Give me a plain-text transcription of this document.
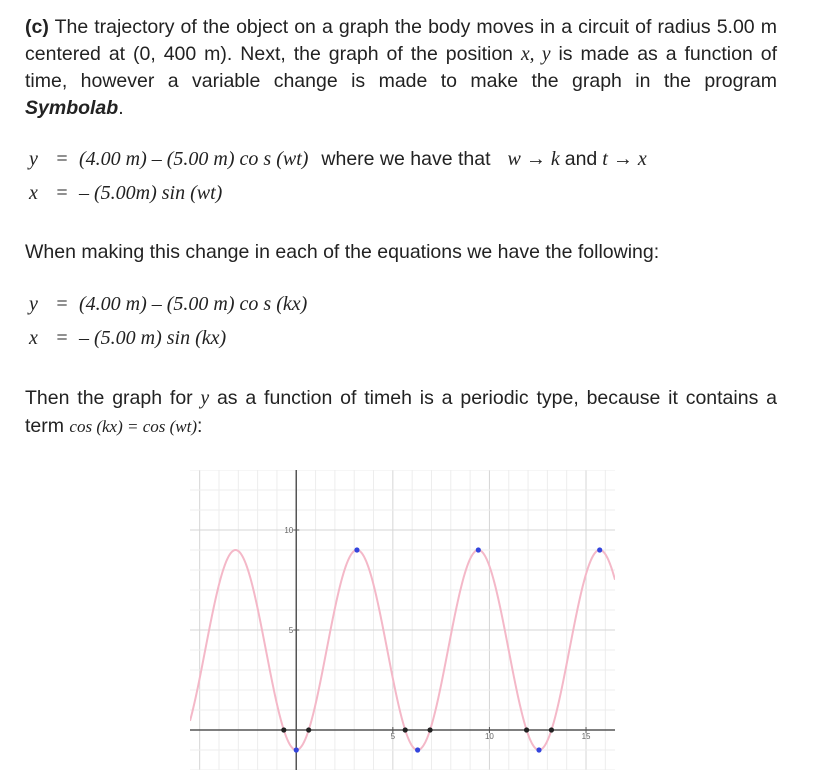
(c) The trajectory of the object on a graph the body moves in a circuit of radius 5.00 m centered at (0, 400 m). Next, the graph of the position x, y is made as a function of time, however a variable change is made to make the graph in the program Symbolab.

y = (4.00 m) – (5.00 m) co s (wt) where we have that w → k and t → x
x = – (5.00m) sin (wt)

When making this change in each of the equations we have the following:

y = (4.00 m) – (5.00 m) co s (kx)
x = – (5.00 m) sin (kx)

Then the graph for y as a function of timeh is a periodic type, because it contains a term cos (kx) = cos (wt):

5	10	15
5
10
